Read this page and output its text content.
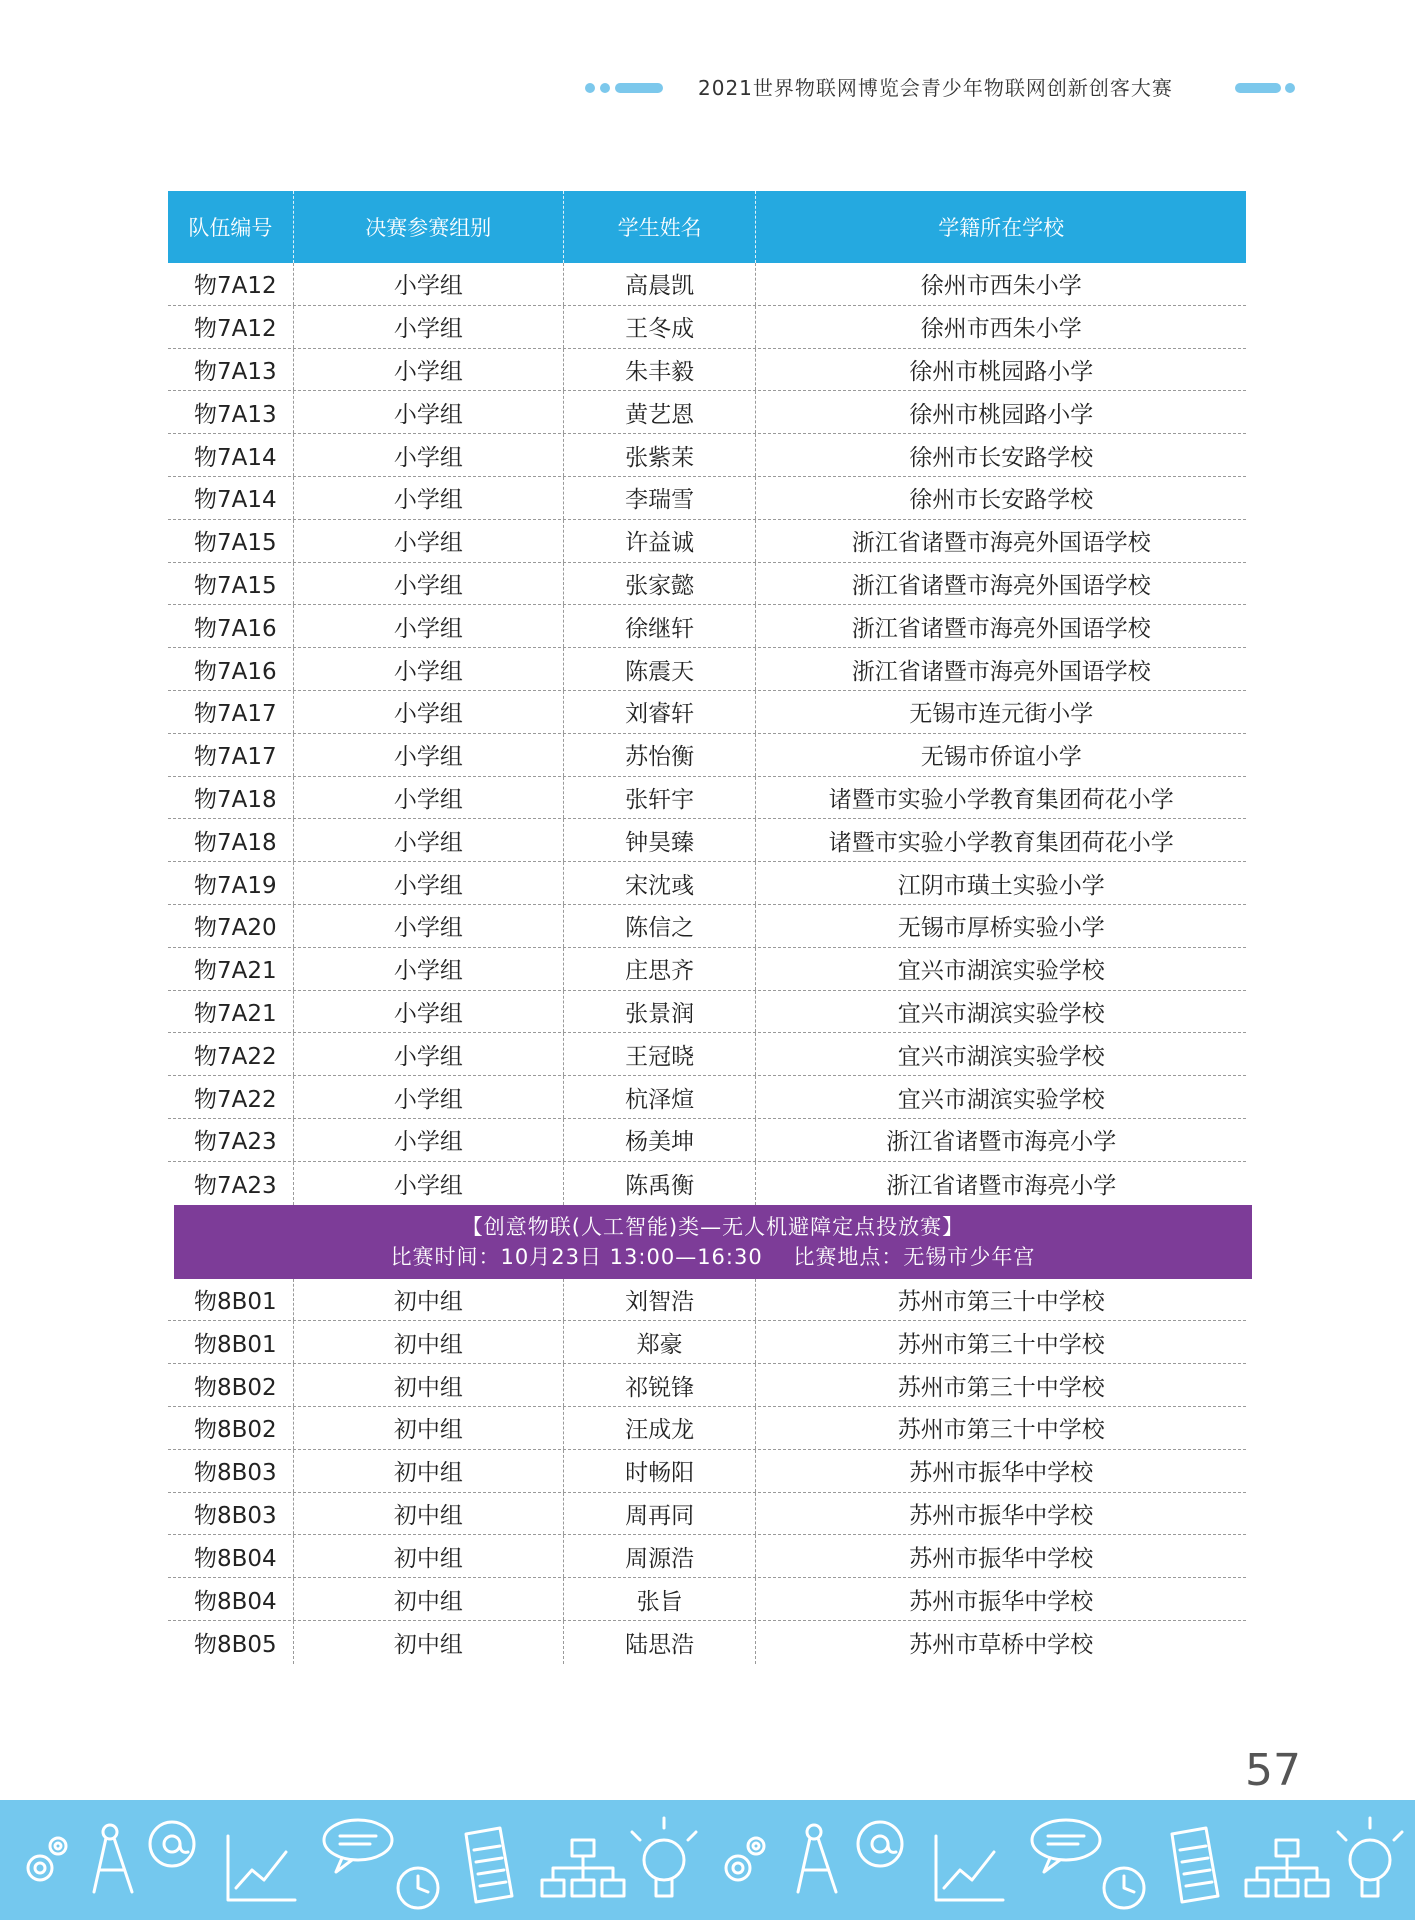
2021世界物联网博览会青少年物联网创新创客大赛
队伍编号	决赛参赛组别	学生姓名	学籍所在学校
物7A12	小学组	高晨凯	徐州市西朱小学
物7A12	小学组	王冬成	徐州市西朱小学
物7A13	小学组	朱丰毅	徐州市桃园路小学
物7A13	小学组	黄艺恩	徐州市桃园路小学
物7A14	小学组	张紫茉	徐州市长安路学校
物7A14	小学组	李瑞雪	徐州市长安路学校
物7A15	小学组	许益诚	浙江省诸暨市海亮外国语学校
物7A15	小学组	张家懿	浙江省诸暨市海亮外国语学校
物7A16	小学组	徐继轩	浙江省诸暨市海亮外国语学校
物7A16	小学组	陈震天	浙江省诸暨市海亮外国语学校
物7A17	小学组	刘睿轩	无锡市连元街小学
物7A17	小学组	苏怡衡	无锡市侨谊小学
物7A18	小学组	张轩宇	诸暨市实验小学教育集团荷花小学
物7A18	小学组	钟昊臻	诸暨市实验小学教育集团荷花小学
物7A19	小学组	宋沈彧	江阴市璜土实验小学
物7A20	小学组	陈信之	无锡市厚桥实验小学
物7A21	小学组	庄思齐	宜兴市湖滨实验学校
物7A21	小学组	张景润	宜兴市湖滨实验学校
物7A22	小学组	王冠晓	宜兴市湖滨实验学校
物7A22	小学组	杭泽煊	宜兴市湖滨实验学校
物7A23	小学组	杨美坤	浙江省诸暨市海亮小学
物7A23	小学组	陈禹衡	浙江省诸暨市海亮小学
【创意物联(人工智能)类—无人机避障定点投放赛】
比赛时间：10月23日 13:00—16:30    比赛地点：无锡市少年宫
物8B01	初中组	刘智浩	苏州市第三十中学校
物8B01	初中组	郑豪	苏州市第三十中学校
物8B02	初中组	祁锐锋	苏州市第三十中学校
物8B02	初中组	汪成龙	苏州市第三十中学校
物8B03	初中组	时畅阳	苏州市振华中学校
物8B03	初中组	周再同	苏州市振华中学校
物8B04	初中组	周源浩	苏州市振华中学校
物8B04	初中组	张旨	苏州市振华中学校
物8B05	初中组	陆思浩	苏州市草桥中学校
57
